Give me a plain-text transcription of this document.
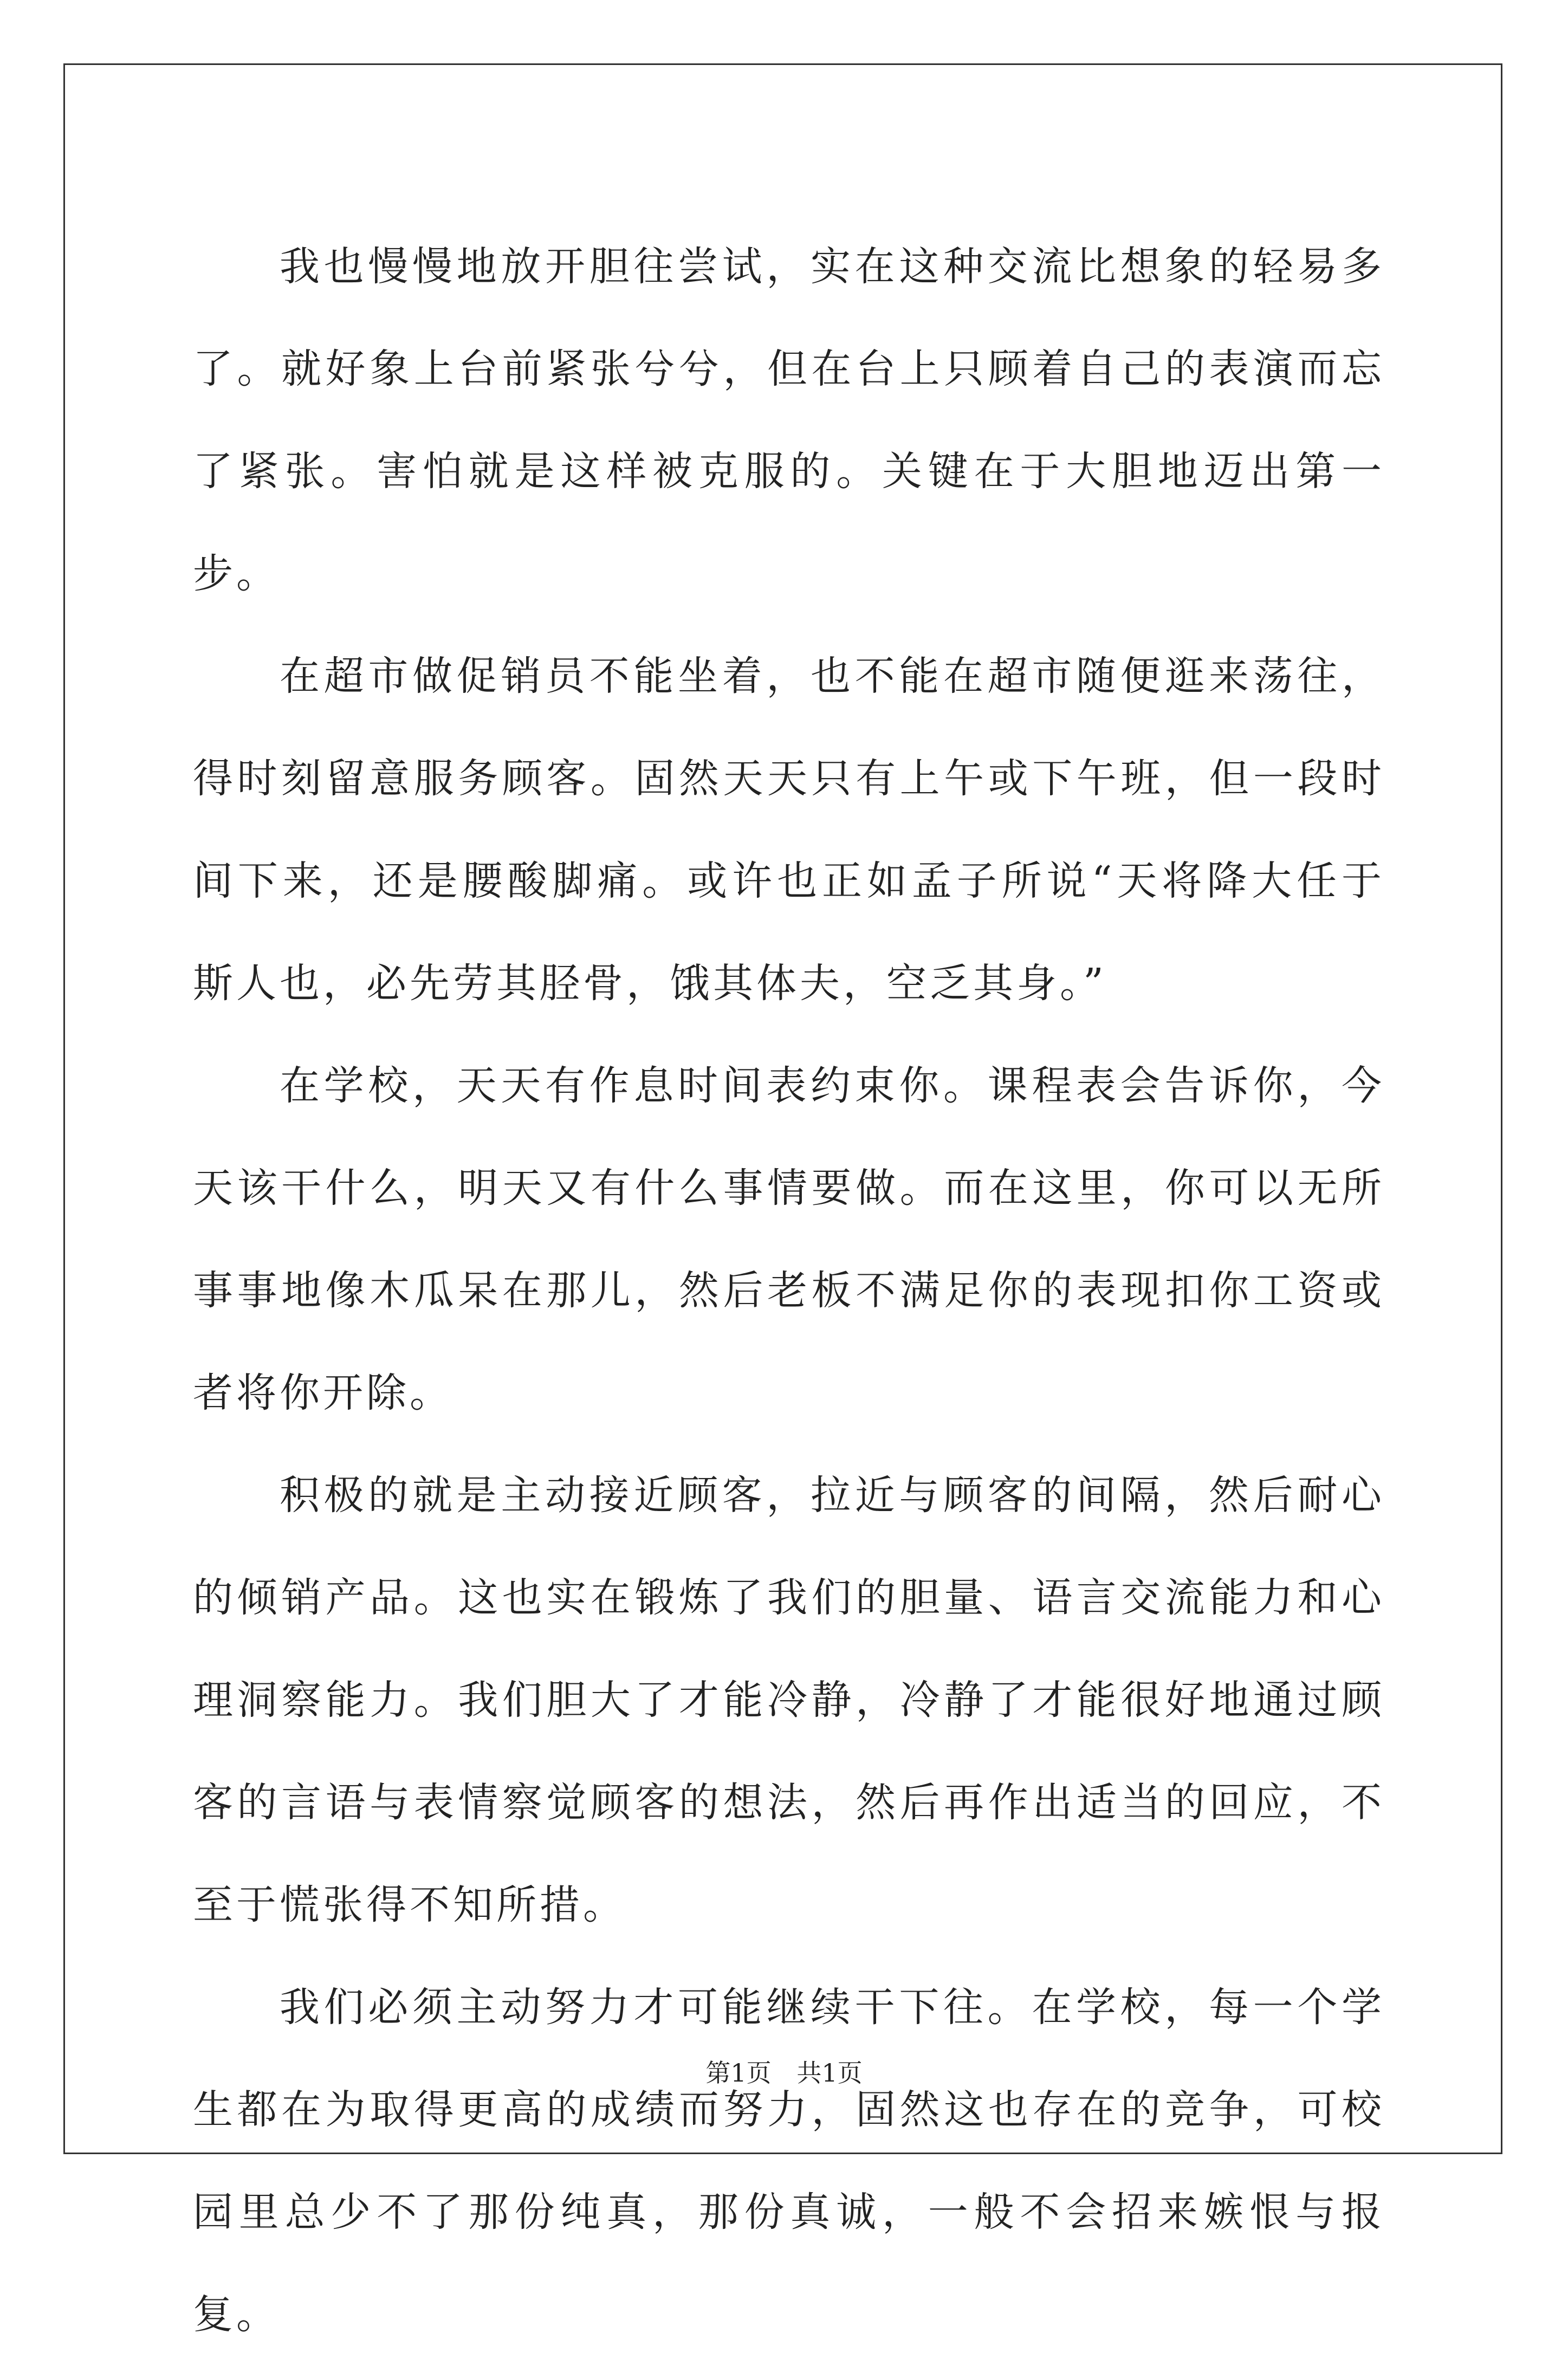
我也慢慢地放开胆往尝试，实在这种交流比想象的轻易多了。就好象上台前紧张兮兮，但在台上只顾着自己的表演而忘了紧张。害怕就是这样被克服的。关键在于大胆地迈出第一步。

在超市做促销员不能坐着，也不能在超市随便逛来荡往，得时刻留意服务顾客。固然天天只有上午或下午班，但一段时间下来，还是腰酸脚痛。或许也正如孟子所说“天将降大任于斯人也，必先劳其胫骨，饿其体夫，空乏其身。”

在学校，天天有作息时间表约束你。课程表会告诉你，今天该干什么，明天又有什么事情要做。而在这里，你可以无所事事地像木瓜呆在那儿，然后老板不满足你的表现扣你工资或者将你开除。

积极的就是主动接近顾客，拉近与顾客的间隔，然后耐心的倾销产品。这也实在锻炼了我们的胆量、语言交流能力和心理洞察能力。我们胆大了才能冷静，冷静了才能很好地通过顾客的言语与表情察觉顾客的想法，然后再作出适当的回应，不至于慌张得不知所措。

我们必须主动努力才可能继续干下往。在学校，每一个学生都在为取得更高的成绩而努力，固然这也存在的竞争，可校园里总少不了那份纯真，那份真诚，一般不会招来嫉恨与报复。

第1页 共1页
